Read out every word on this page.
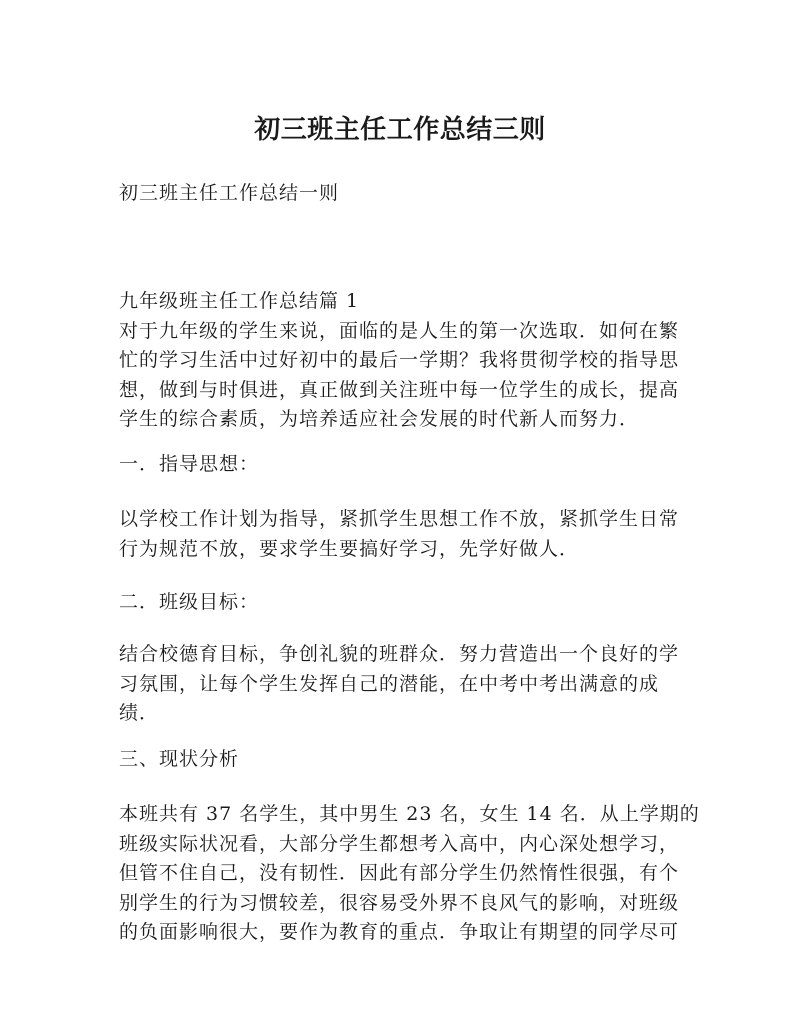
初三班主任工作总结三则
初三班主任工作总结一则

九年级班主任工作总结篇 1

对于九年级的学生来说，面临的是人生的第一次选取．如何在繁

忙的学习生活中过好初中的最后一学期？我将贯彻学校的指导思

想，做到与时俱进，真正做到关注班中每一位学生的成长，提高

学生的综合素质，为培养适应社会发展的时代新人而努力．

一．指导思想：

以学校工作计划为指导，紧抓学生思想工作不放，紧抓学生日常

行为规范不放，要求学生要搞好学习，先学好做人．

二．班级目标：

结合校德育目标，争创礼貌的班群众．努力营造出一个良好的学

习氛围，让每个学生发挥自己的潜能，在中考中考出满意的成

绩．

三、现状分析

本班共有 37 名学生，其中男生 23 名，女生 14 名．从上学期的

班级实际状况看，大部分学生都想考入高中，内心深处想学习，

但管不住自己，没有韧性．因此有部分学生仍然惰性很强，有个

别学生的行为习惯较差，很容易受外界不良风气的影响，对班级

的负面影响很大，要作为教育的重点．争取让有期望的同学尽可
